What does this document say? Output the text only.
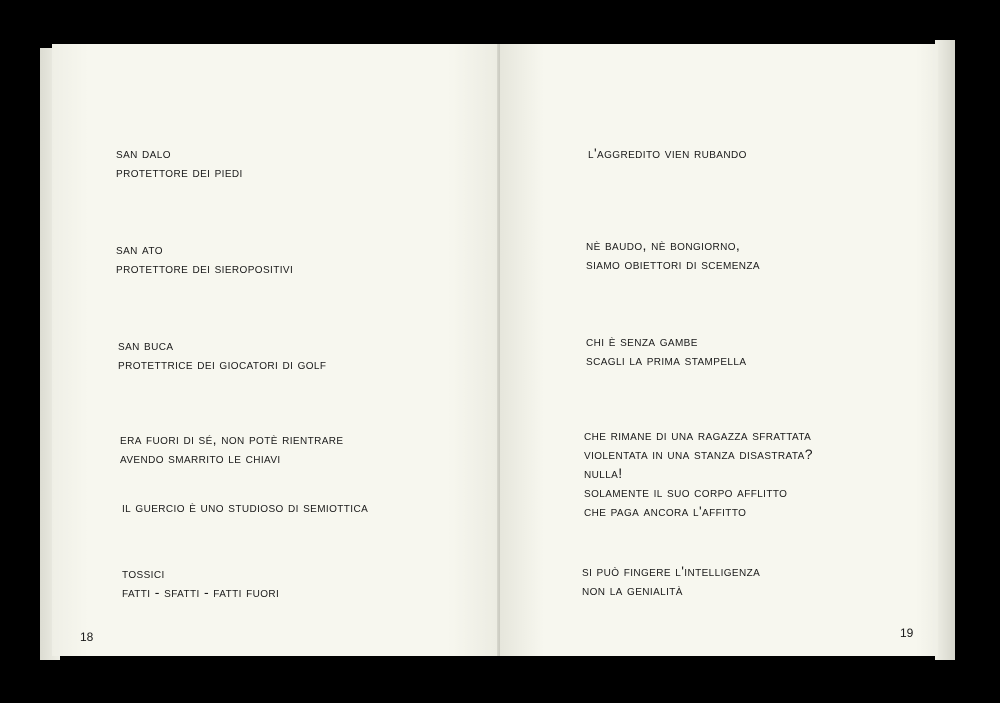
san dalo
protettore dei piedi
san ato
protettore dei sieropositivi
san buca
protettrice dei giocatori di golf
era fuori di sé, non potè rientrare
avendo smarrito le chiavi
il guercio è uno studioso di semiottica
tossici
fatti - sfatti - fatti fuori
18
l'aggredito vien rubando
nè baudo, nè bongiorno,
siamo obiettori di scemenza
chi è senza gambe
scagli la prima stampella
che rimane di una ragazza sfrattata
violentata in una stanza disastrata?
nulla!
solamente il suo corpo afflitto
che paga ancora l'affitto
si può fingere l'intelligenza
non la genialità
19
